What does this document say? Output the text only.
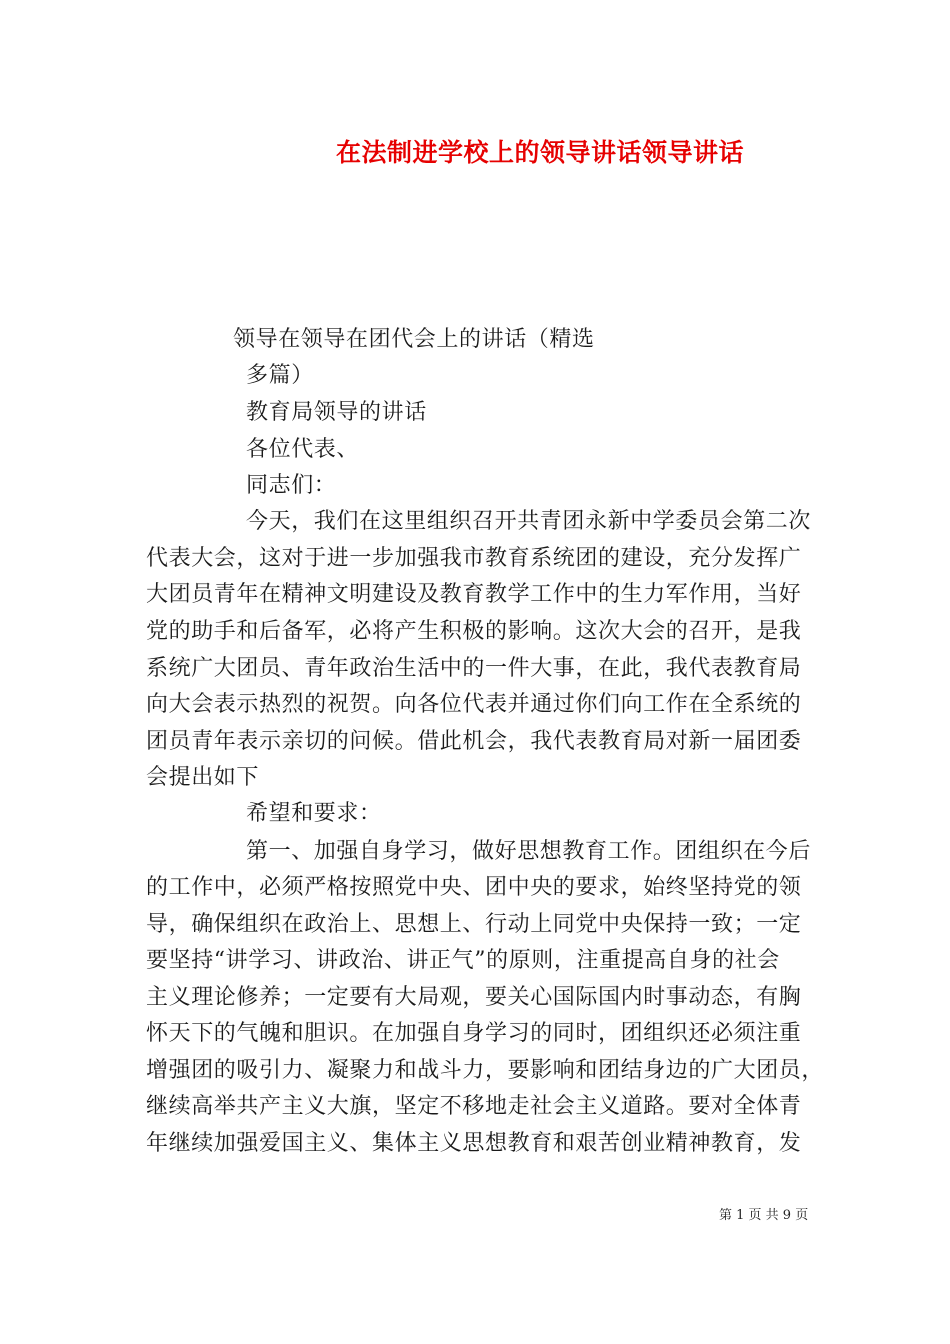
在法制进学校上的领导讲话领导讲话
领导在领导在团代会上的讲话（精选
多篇）
教育局领导的讲话
各位代表、
同志们：
今天，我们在这里组织召开共青团永新中学委员会第二次
代表大会，这对于进一步加强我市教育系统团的建设，充分发挥广
大团员青年在精神文明建设及教育教学工作中的生力军作用，当好
党的助手和后备军，必将产生积极的影响。这次大会的召开，是我
系统广大团员、青年政治生活中的一件大事，在此，我代表教育局
向大会表示热烈的祝贺。向各位代表并通过你们向工作在全系统的
团员青年表示亲切的问候。借此机会，我代表教育局对新一届团委
会提出如下
希望和要求：
第一、加强自身学习，做好思想教育工作。团组织在今后
的工作中，必须严格按照党中央、团中央的要求，始终坚持党的领
导，确保组织在政治上、思想上、行动上同党中央保持一致；一定
要坚持“讲学习、讲政治、讲正气”的原则，注重提高自身的社会
主义理论修养；一定要有大局观，要关心国际国内时事动态，有胸
怀天下的气魄和胆识。在加强自身学习的同时，团组织还必须注重
增强团的吸引力、凝聚力和战斗力，要影响和团结身边的广大团员，
继续高举共产主义大旗，坚定不移地走社会主义道路。要对全体青
年继续加强爱国主义、集体主义思想教育和艰苦创业精神教育，发
第 1 页 共 9 页
